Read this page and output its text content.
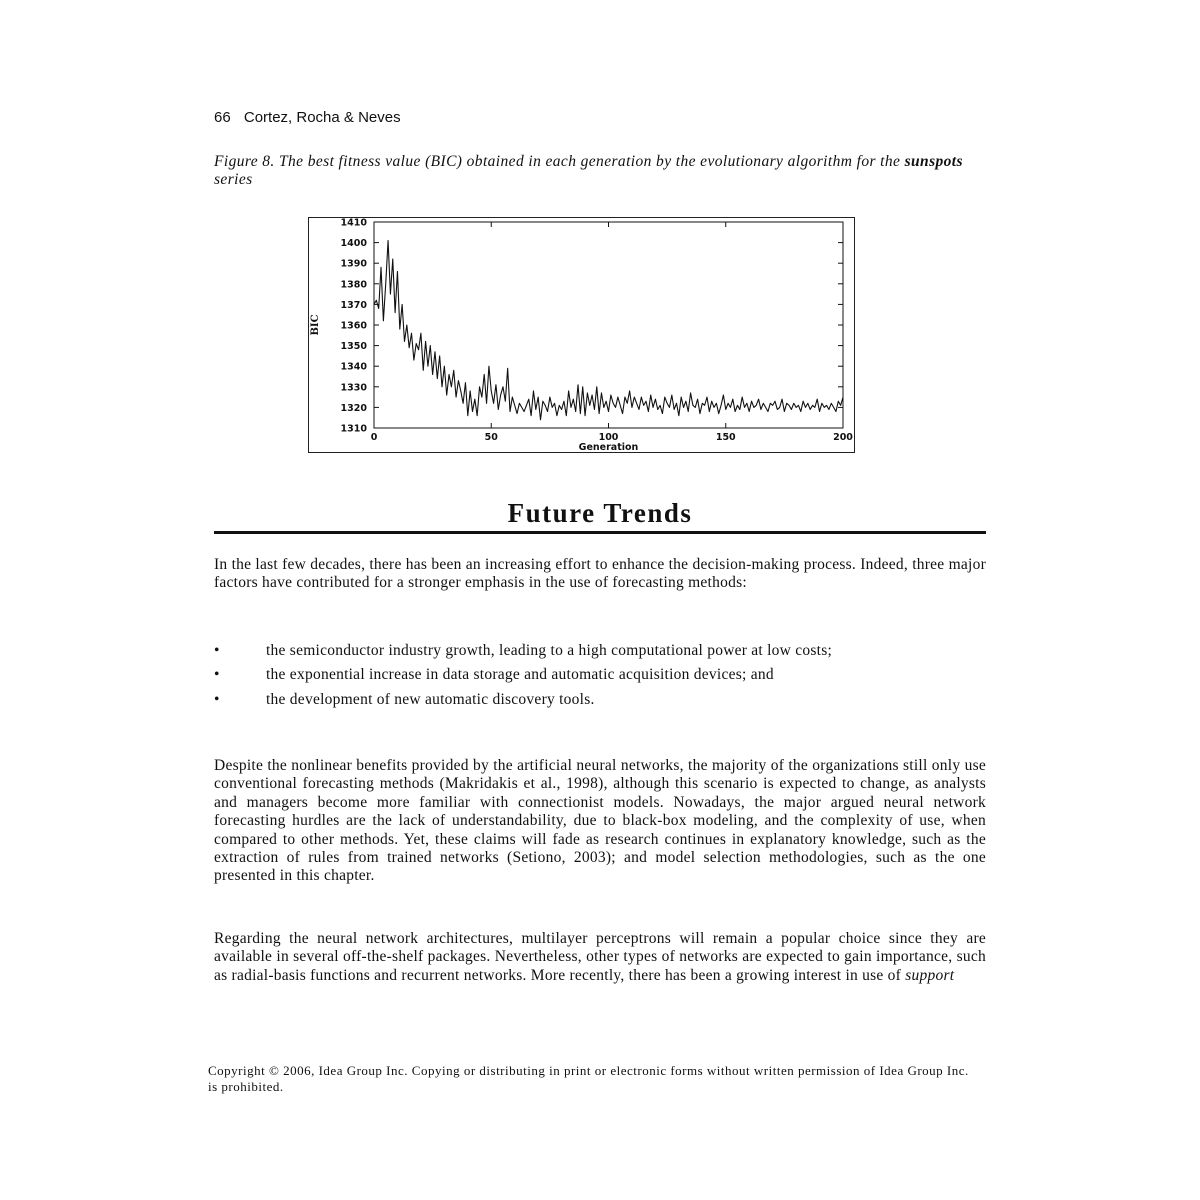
66 Cortez, Rocha & Neves
Figure 8. The best fitness value (BIC) obtained in each generation by the evolutionary algorithm for the sunspots series
1310
1320
1330
1340
1350
1360
1370
1380
1390
1400
1410
0	50	100	150	200
Generation
BIC
Future Trends
In the last few decades, there has been an increasing effort to enhance the decision-making process. Indeed, three major factors have contributed for a stronger emphasis in the use of forecasting methods:
•	the semiconductor industry growth, leading to a high computational power at low costs;
•	the exponential increase in data storage and automatic acquisition devices; and
•	the development of new automatic discovery tools.
Despite the nonlinear benefits provided by the artificial neural networks, the majority of the organizations still only use conventional forecasting methods (Makridakis et al., 1998), although this scenario is expected to change, as analysts and managers become more familiar with connectionist models. Nowadays, the major argued neural network forecasting hurdles are the lack of understandability, due to black-box modeling, and the complexity of use, when compared to other methods. Yet, these claims will fade as research continues in explanatory knowledge, such as the extraction of rules from trained networks (Setiono, 2003); and model selection methodologies, such as the one presented in this chapter.
Regarding the neural network architectures, multilayer perceptrons will remain a popular choice since they are available in several off-the-shelf packages. Nevertheless, other types of networks are expected to gain importance, such as radial-basis functions and recurrent networks. More recently, there has been a growing interest in use of support
Copyright © 2006, Idea Group Inc. Copying or distributing in print or electronic forms without written permission of Idea Group Inc. is prohibited.
